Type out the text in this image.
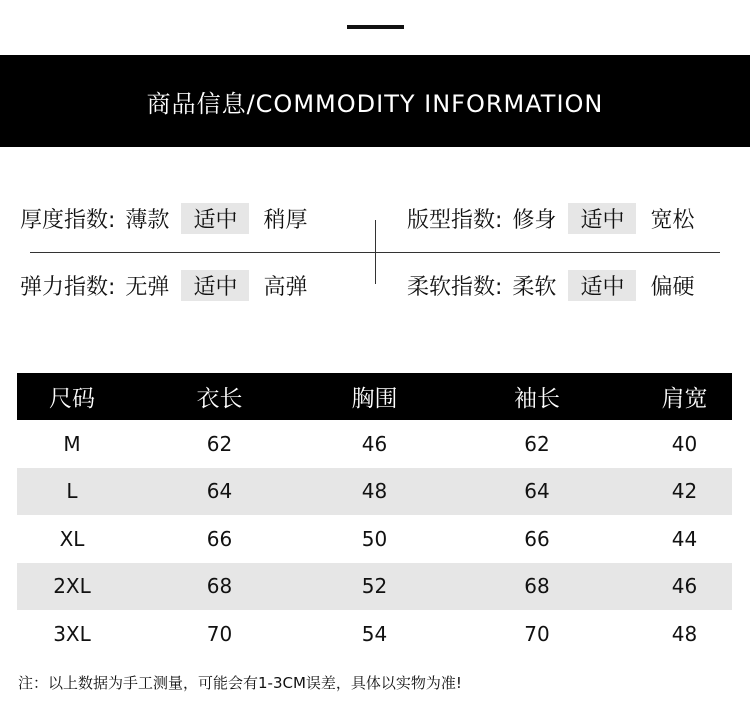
商品信息/COMMODITY INFORMATION
厚度指数: 薄款	适中	稍厚	版型指数: 修身	适中	宽松
弹力指数: 无弹	适中	高弹	柔软指数: 柔软	适中	偏硬
尺码	衣长	胸围	袖长	肩宽
M	62	46	62	40
L	64	48	64	42
XL	66	50	66	44
2XL	68	52	68	46
3XL	70	54	70	48
注：以上数据为手工测量，可能会有1-3CM误差，具体以实物为准!
